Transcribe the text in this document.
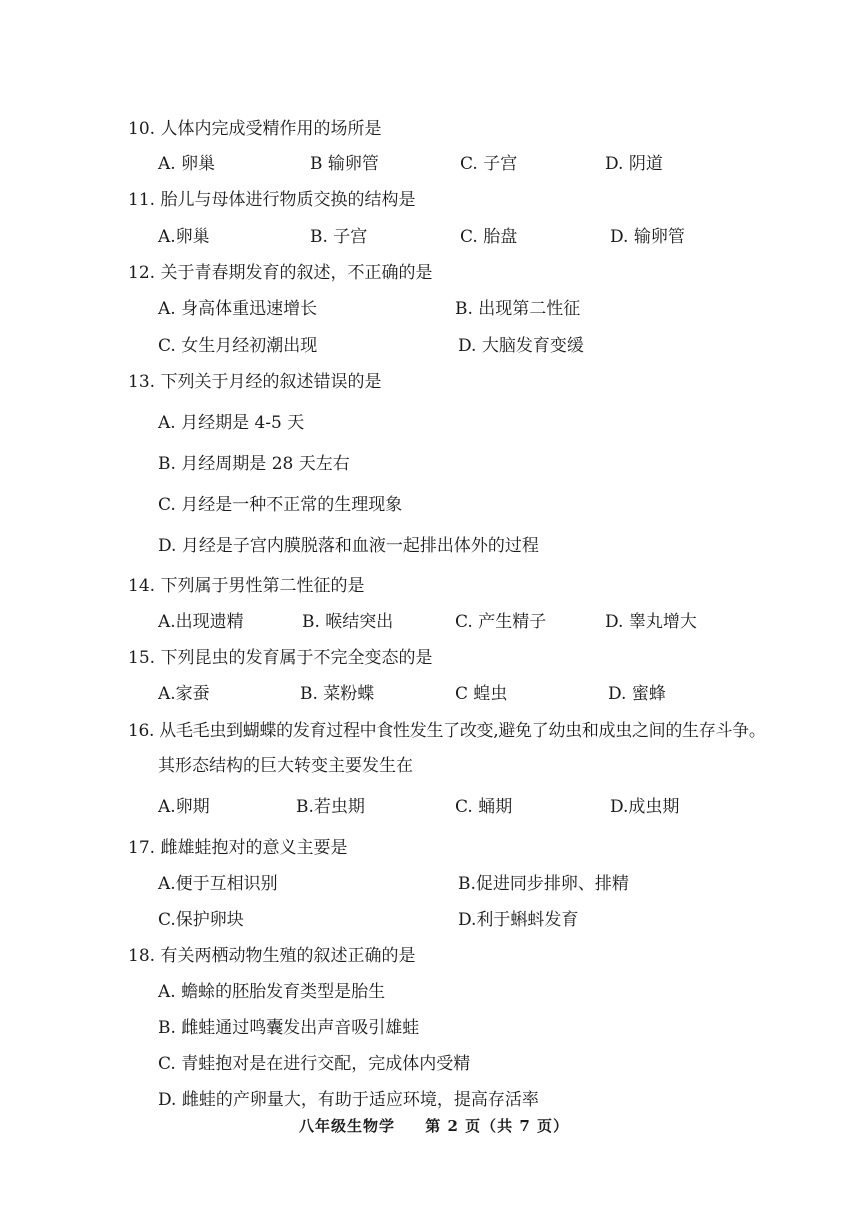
10. 人体内完成受精作用的场所是
A. 卵巢	B 输卵管	C. 子宫	D. 阴道
11. 胎儿与母体进行物质交换的结构是
A.卵巢	B. 子宫	C. 胎盘	D. 输卵管
12. 关于青春期发育的叙述，不正确的是
A. 身高体重迅速增长	B. 出现第二性征
C. 女生月经初潮出现	D. 大脑发育变缓
13. 下列关于月经的叙述错误的是
A. 月经期是 4-5 天
B. 月经周期是 28 天左右
C. 月经是一种不正常的生理现象
D. 月经是子宫内膜脱落和血液一起排出体外的过程
14. 下列属于男性第二性征的是
A.出现遗精	B. 喉结突出	C. 产生精子	D. 睾丸增大
15. 下列昆虫的发育属于不完全变态的是
A.家蚕	B. 菜粉蝶	C 蝗虫	D. 蜜蜂
16. 从毛毛虫到蝴蝶的发育过程中食性发生了改变,避免了幼虫和成虫之间的生存斗争。
其形态结构的巨大转变主要发生在
A.卵期	B.若虫期	C. 蛹期	D.成虫期
17. 雌雄蛙抱对的意义主要是
A.便于互相识别	B.促进同步排卵、排精
C.保护卵块	D.利于蝌蚪发育
18. 有关两栖动物生殖的叙述正确的是
A. 蟾蜍的胚胎发育类型是胎生
B. 雌蛙通过鸣囊发出声音吸引雄蛙
C. 青蛙抱对是在进行交配，完成体内受精
D. 雌蛙的产卵量大，有助于适应环境，提高存活率
八年级生物学 第 2 页（共 7 页）
